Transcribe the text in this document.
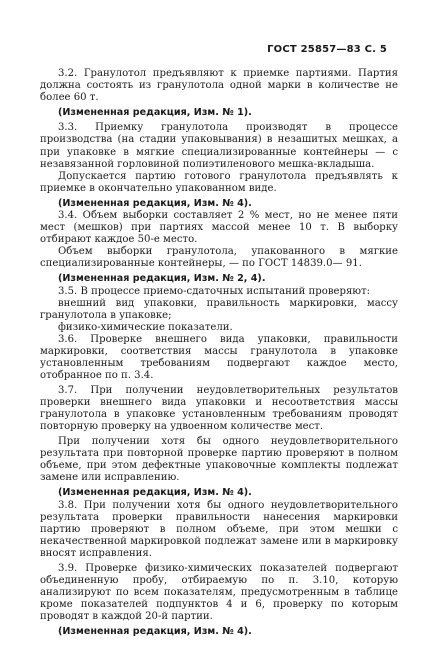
ГОСТ 25857—83 С. 5

3.2. Гранулотол предъявляют к приемке партиями. Партия должна состоять из гранулотола одной марки в количестве не более 60 т.

(Измененная редакция, Изм. № 1).

3.3. Приемку гранулотола производят в процессе производства (на стадии упаковывания) в незашитых мешках, а при упаковке в мягкие специализированные контейнеры — с незавязанной горловиной полиэтиленового мешка-вкладыша.

Допускается партию готового гранулотола предъявлять к приемке в окончательно упакованном виде.

(Измененная редакция, Изм. № 4).

3.4. Объем выборки составляет 2 % мест, но не менее пяти мест (мешков) при партиях массой менее 10 т. В выборку отбирают каждое 50-е место.

Объем выборки гранулотола, упакованного в мягкие специализированные контейнеры, — по ГОСТ 14839.0— 91.

(Измененная редакция, Изм. № 2, 4).

3.5. В процессе приемо-сдаточных испытаний проверяют:

внешний вид упаковки, правильность маркировки, массу гранулотола в упаковке;

физико-химические показатели.

3.6. Проверке внешнего вида упаковки, правильности маркировки, соответствия массы гранулотола в упаковке установленным требованиям подвергают каждое место, отобранное по п. 3.4.

3.7. При получении неудовлетворительных результатов проверки внешнего вида упаковки и несоответствия массы гранулотола в упаковке установленным требованиям проводят повторную проверку на удвоенном количестве мест.

При получении хотя бы одного неудовлетворительного результата при повторной проверке партию проверяют в полном объеме, при этом дефектные упаковочные комплекты подлежат замене или исправлению.

(Измененная редакция, Изм. № 4).

3.8. При получении хотя бы одного неудовлетворительного результата проверки правильности нанесения маркировки партию проверяют в полном объеме, при этом мешки с некачественной маркировкой подлежат замене или в маркировку вносят исправления.

3.9. Проверке физико-химических показателей подвергают объединенную пробу, отбираемую по п. 3.10, которую анализируют по всем показателям, предусмотренным в таблице кроме показателей подпунктов 4 и 6, проверку по которым проводят в каждой 20-й партии.

(Измененная редакция, Изм. № 4).
